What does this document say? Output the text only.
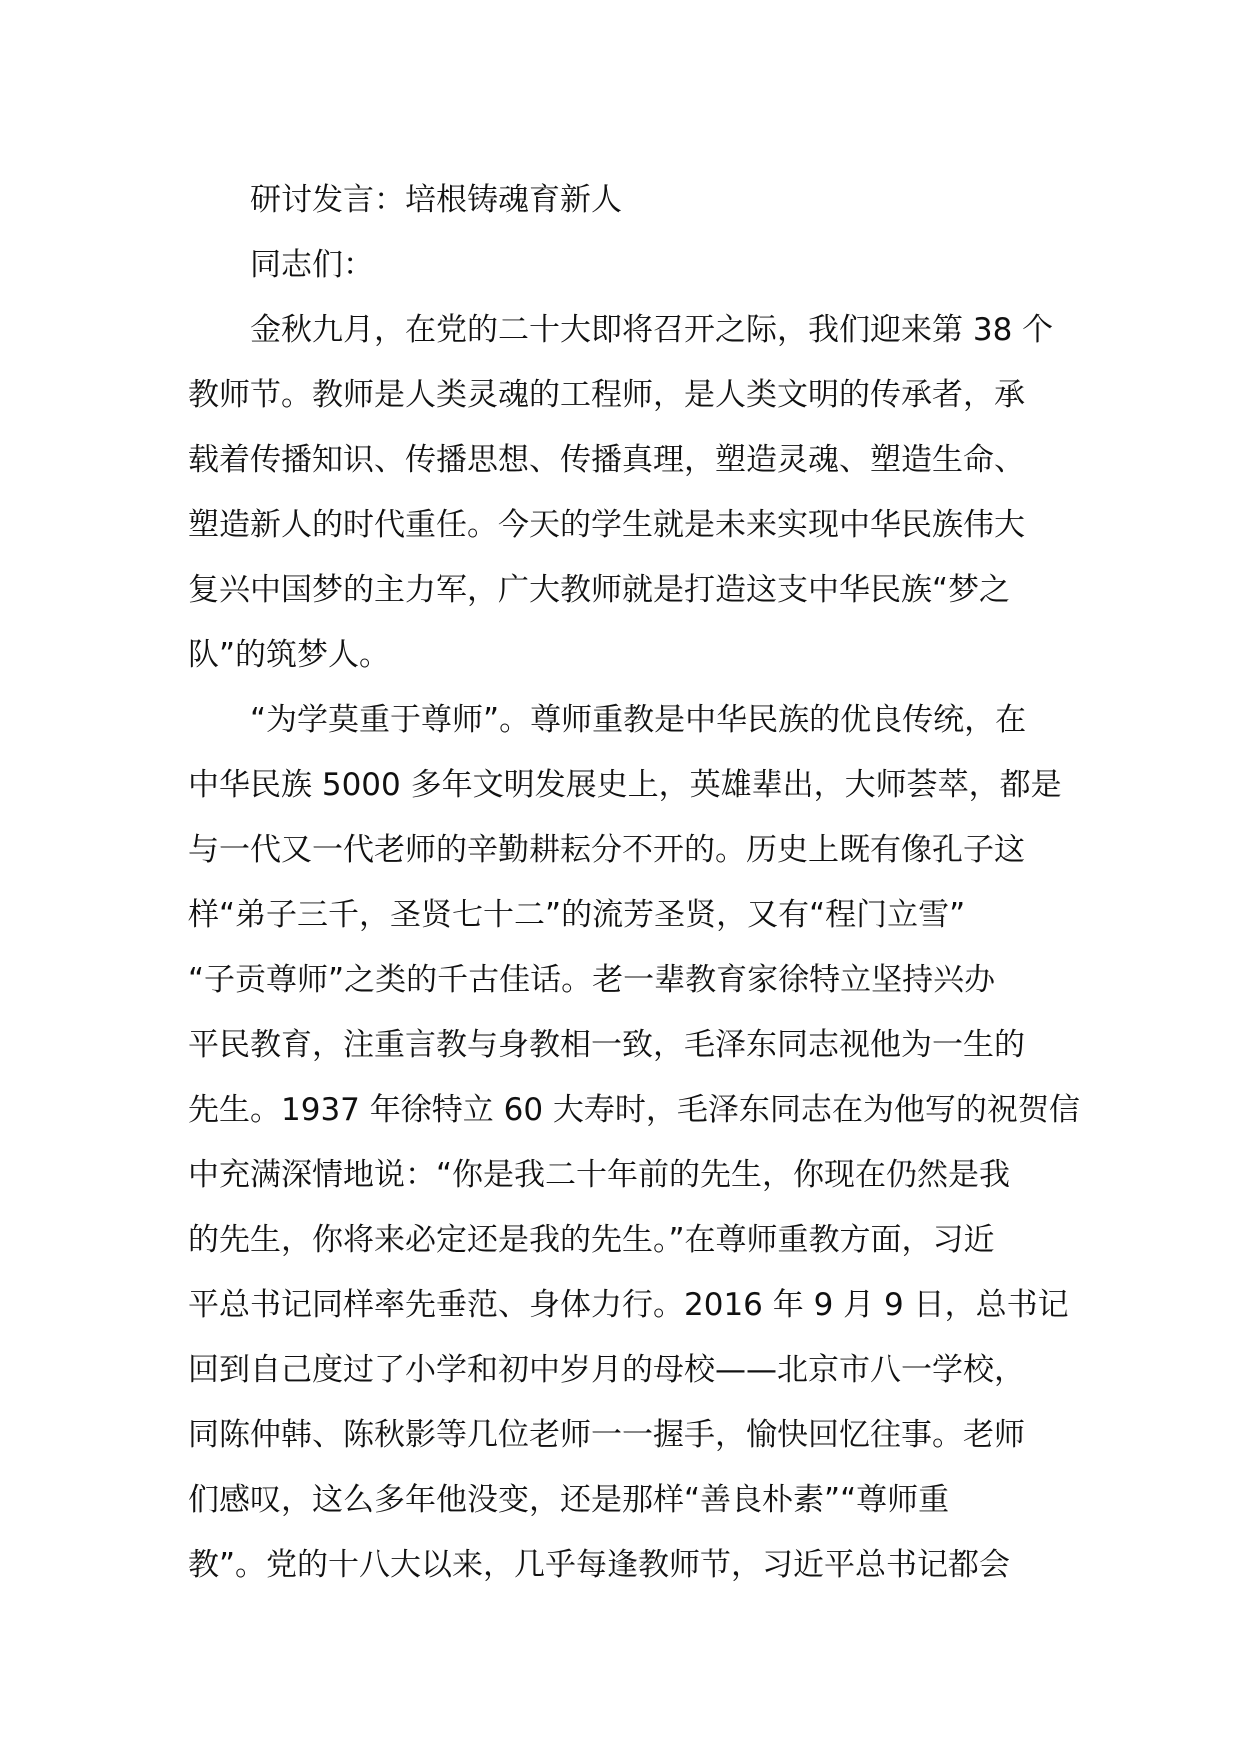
研讨发言：培根铸魂育新人
同志们：
金秋九月，在党的二十大即将召开之际，我们迎来第 38 个
教师节。教师是人类灵魂的工程师，是人类文明的传承者，承
载着传播知识、传播思想、传播真理，塑造灵魂、塑造生命、
塑造新人的时代重任。今天的学生就是未来实现中华民族伟大
复兴中国梦的主力军，广大教师就是打造这支中华民族“梦之
队”的筑梦人。
“为学莫重于尊师”。尊师重教是中华民族的优良传统，在
中华民族 5000 多年文明发展史上，英雄辈出，大师荟萃，都是
与一代又一代老师的辛勤耕耘分不开的。历史上既有像孔子这
样“弟子三千，圣贤七十二”的流芳圣贤，又有“程门立雪”
“子贡尊师”之类的千古佳话。老一辈教育家徐特立坚持兴办
平民教育，注重言教与身教相一致，毛泽东同志视他为一生的
先生。1937 年徐特立 60 大寿时，毛泽东同志在为他写的祝贺信
中充满深情地说：“你是我二十年前的先生，你现在仍然是我
的先生，你将来必定还是我的先生。”在尊师重教方面，习近
平总书记同样率先垂范、身体力行。2016 年 9 月 9 日，总书记
回到自己度过了小学和初中岁月的母校——北京市八一学校，
同陈仲韩、陈秋影等几位老师一一握手，愉快回忆往事。老师
们感叹，这么多年他没变，还是那样“善良朴素”“尊师重
教”。党的十八大以来，几乎每逢教师节，习近平总书记都会
